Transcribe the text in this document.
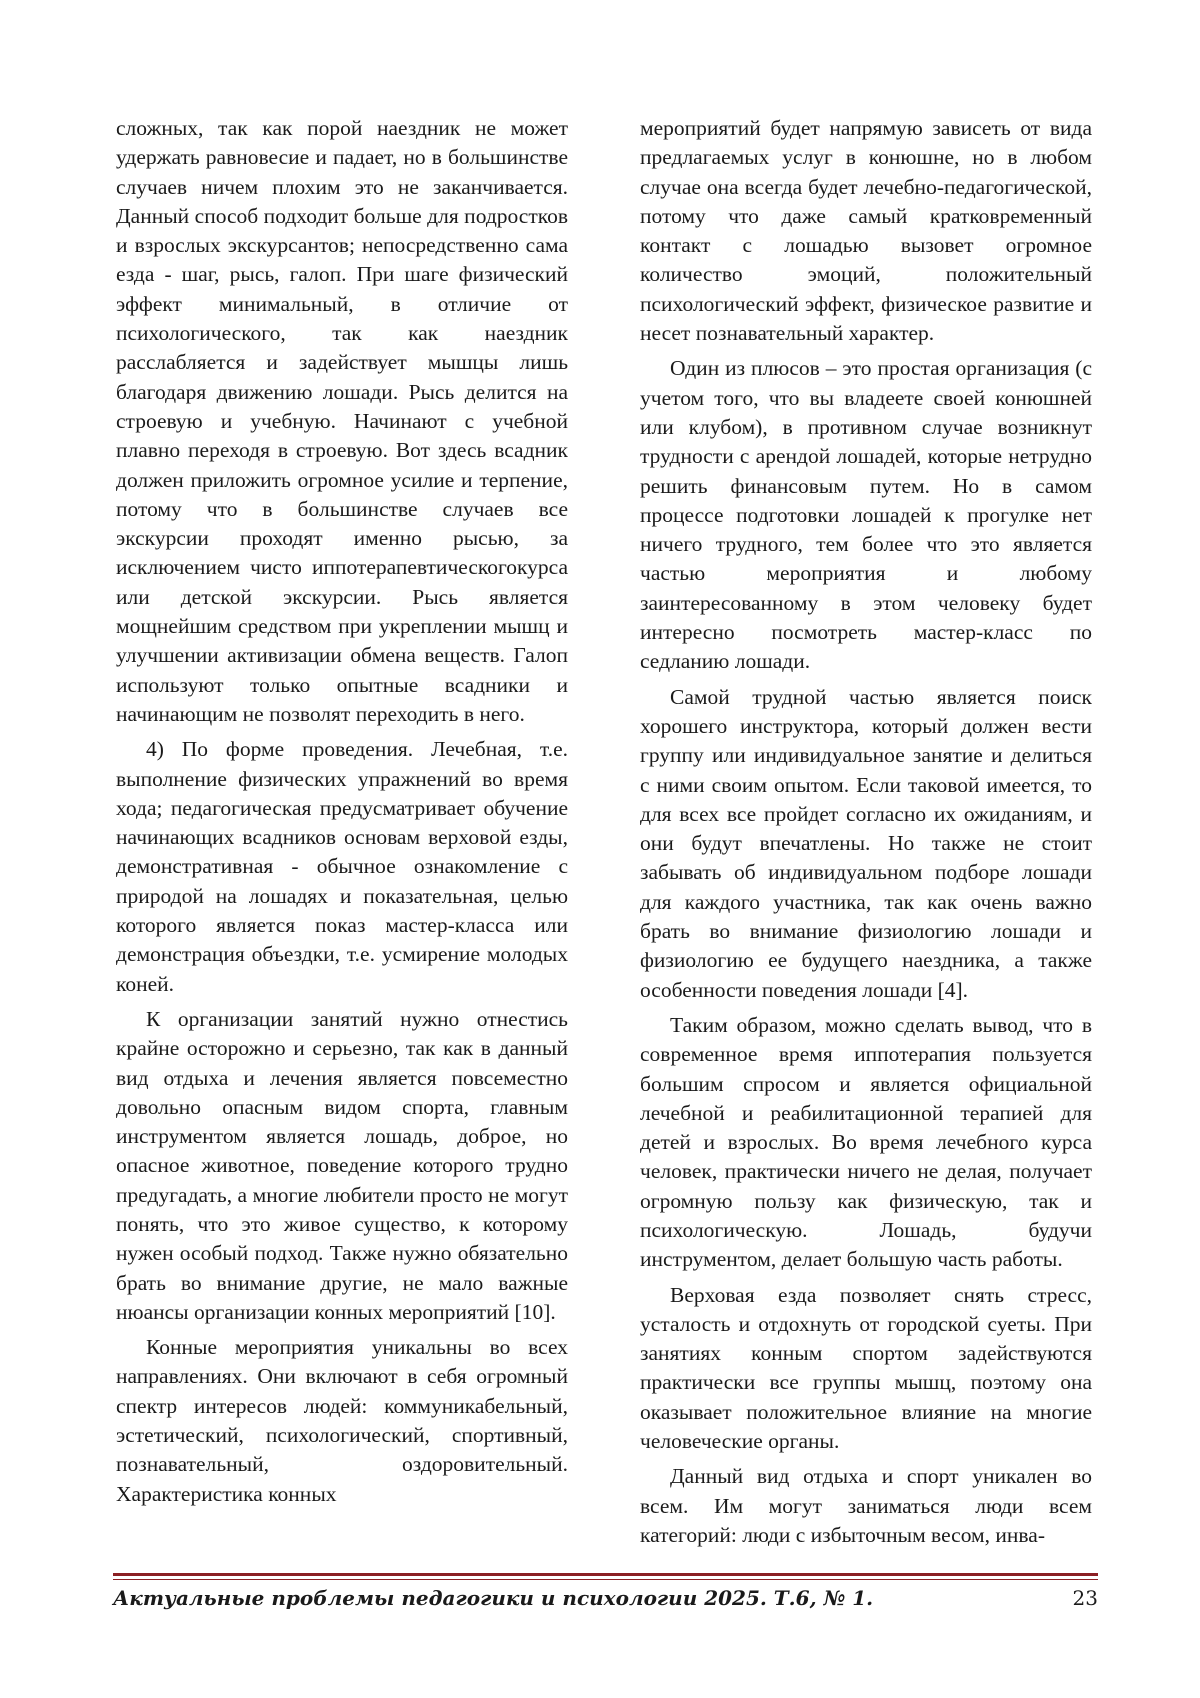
сложных, так как порой наездник не может удержать равновесие и падает, но в большинстве случаев ничем плохим это не заканчивается. Данный способ подходит больше для подростков и взрослых экскурсантов; непосредственно сама езда - шаг, рысь, галоп. При шаге физический эффект минимальный, в отличие от психологического, так как наездник расслабляется и задействует мышцы лишь благодаря движению лошади. Рысь делится на строевую и учебную. Начинают с учебной плавно переходя в строевую. Вот здесь всадник должен приложить огромное усилие и терпение, потому что в большинстве случаев все экскурсии проходят именно рысью, за исключением чисто иппотерапевтическогокурса или детской экскурсии. Рысь является мощнейшим средством при укреплении мышц и улучшении активизации обмена веществ. Галоп используют только опытные всадники и начинающим не позволят переходить в него.

4) По форме проведения. Лечебная, т.е. выполнение физических упражнений во время хода; педагогическая предусматривает обучение начинающих всадников основам верховой езды, демонстративная - обычное ознакомление с природой на лошадях и показательная, целью которого является показ мастер-класса или демонстрация объездки, т.е. усмирение молодых коней.

К организации занятий нужно отнестись крайне осторожно и серьезно, так как в данный вид отдыха и лечения является повсеместно довольно опасным видом спорта, главным инструментом является лошадь, доброе, но опасное животное, поведение которого трудно предугадать, а многие любители просто не могут понять, что это живое существо, к которому нужен особый подход. Также нужно обязательно брать во внимание другие, не мало важные нюансы организации конных мероприятий [10].

Конные мероприятия уникальны во всех направлениях. Они включают в себя огромный спектр интересов людей: коммуникабельный, эстетический, психологический, спортивный, познавательный, оздоровительный. Характеристика конных

мероприятий будет напрямую зависеть от вида предлагаемых услуг в конюшне, но в любом случае она всегда будет лечебно-педагогической, потому что даже самый кратковременный контакт с лошадью вызовет огромное количество эмоций, положительный психологический эффект, физическое развитие и несет познавательный характер.

Один из плюсов – это простая организация (с учетом того, что вы владеете своей конюшней или клубом), в противном случае возникнут трудности с арендой лошадей, которые нетрудно решить финансовым путем. Но в самом процессе подготовки лошадей к прогулке нет ничего трудного, тем более что это является частью мероприятия и любому заинтересованному в этом человеку будет интересно посмотреть мастер-класс по седланию лошади.

Самой трудной частью является поиск хорошего инструктора, который должен вести группу или индивидуальное занятие и делиться с ними своим опытом. Если таковой имеется, то для всех все пройдет согласно их ожиданиям, и они будут впечатлены. Но также не стоит забывать об индивидуальном подборе лошади для каждого участника, так как очень важно брать во внимание физиологию лошади и физиологию ее будущего наездника, а также особенности поведения лошади [4].

Таким образом, можно сделать вывод, что в современное время иппотерапия пользуется большим спросом и является официальной лечебной и реабилитационной терапией для детей и взрослых. Во время лечебного курса человек, практически ничего не делая, получает огромную пользу как физическую, так и психологическую. Лошадь, будучи инструментом, делает большую часть работы.

Верховая езда позволяет снять стресс, усталость и отдохнуть от городской суеты. При занятиях конным спортом задействуются практически все группы мышц, поэтому она оказывает положительное влияние на многие человеческие органы.

Данный вид отдыха и спорт уникален во всем. Им могут заниматься люди всем категорий: люди с избыточным весом, инва-

Актуальные проблемы педагогики и психологии 2025. Т.6, № 1.	23
